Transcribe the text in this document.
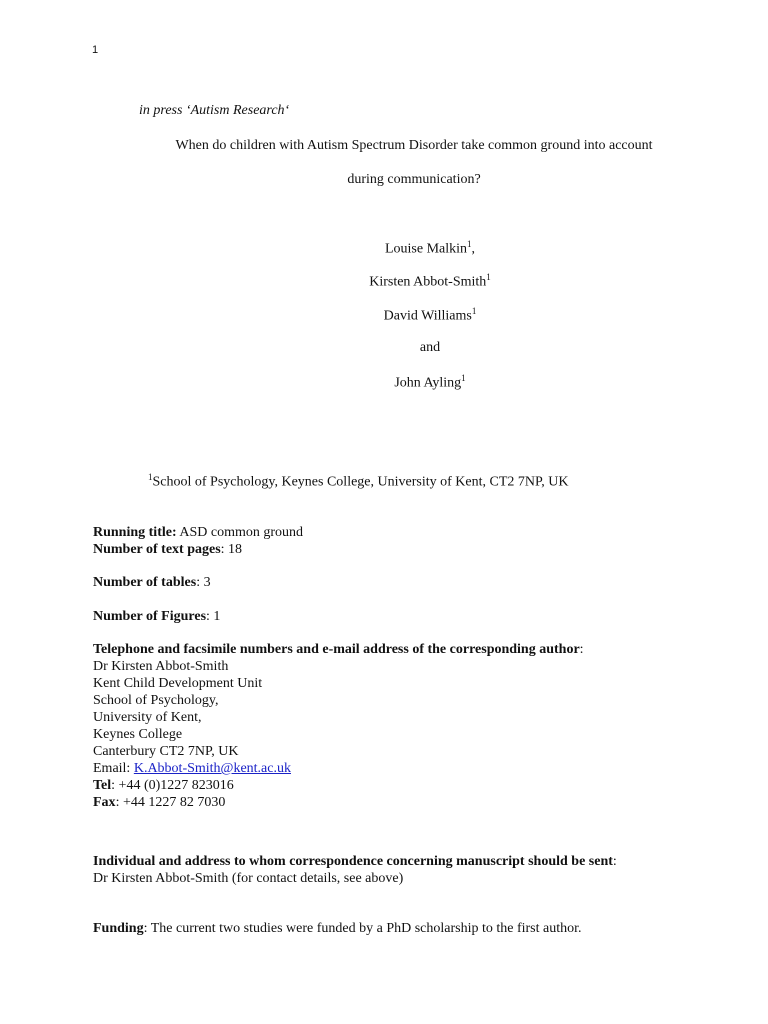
1
in press ‘Autism Research‘
When do children with Autism Spectrum Disorder take common ground into account
during communication?
Louise Malkin$^1$,
Kirsten Abbot-Smith$^1$
David Williams$^1$
and
John Ayling$^1$
$^1$School of Psychology, Keynes College, University of Kent, CT2 7NP, UK
Running title: ASD common ground
Number of text pages: 18
Number of tables: 3
Number of Figures: 1
Telephone and facsimile numbers and e-mail address of the corresponding author:
Dr Kirsten Abbot-Smith
Kent Child Development Unit
School of Psychology,
University of Kent,
Keynes College
Canterbury CT2 7NP, UK
Email: K.Abbot-Smith@kent.ac.uk
Tel: +44 (0)1227 823016
Fax: +44 1227 82 7030
Individual and address to whom correspondence concerning manuscript should be sent:
Dr Kirsten Abbot-Smith (for contact details, see above)
Funding: The current two studies were funded by a PhD scholarship to the first author.
